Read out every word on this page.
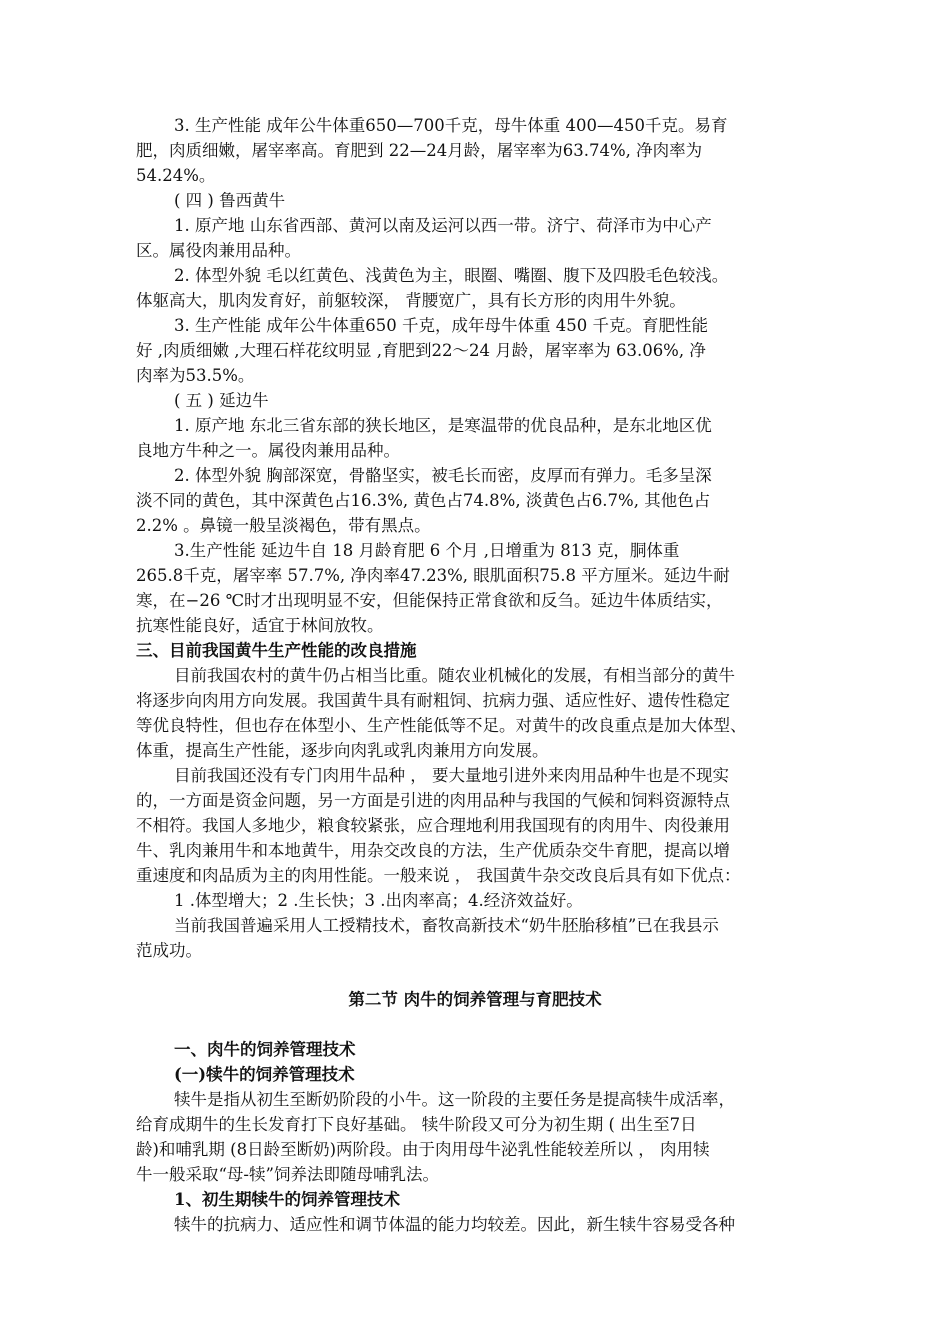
3. 生产性能 成年公牛体重650—700千克，母牛体重 400—450千克。易育
肥，肉质细嫩，屠宰率高。育肥到 22—24月龄，屠宰率为63.74%, 净肉率为
54.24%。
( 四 ) 鲁西黄牛
1. 原产地 山东省西部、黄河以南及运河以西一带。济宁、荷泽市为中心产
区。属役肉兼用品种。
2. 体型外貌 毛以红黄色、浅黄色为主，眼圈、嘴圈、腹下及四股毛色较浅。
体躯高大，肌肉发育好，前躯较深， 背腰宽广，具有长方形的肉用牛外貌。
3. 生产性能 成年公牛体重650 千克，成年母牛体重 450 千克。育肥性能
好 ,肉质细嫩 ,大理石样花纹明显 ,育肥到22～24 月龄，屠宰率为 63.06%, 净
肉率为53.5%。
( 五 ) 延边牛
1. 原产地 东北三省东部的狭长地区，是寒温带的优良品种，是东北地区优
良地方牛种之一。属役肉兼用品种。
2. 体型外貌 胸部深宽，骨骼坚实，被毛长而密，皮厚而有弹力。毛多呈深
淡不同的黄色，其中深黄色占16.3%, 黄色占74.8%, 淡黄色占6.7%, 其他色占
2.2% 。鼻镜一般呈淡褐色，带有黑点。
3.生产性能 延边牛自 18 月龄育肥 6 个月 ,日增重为 813 克，胴体重
265.8千克，屠宰率 57.7%, 净肉率47.23%, 眼肌面积75.8 平方厘米。延边牛耐
寒，在−26 ℃时才出现明显不安，但能保持正常食欲和反刍。延边牛体质结实，
抗寒性能良好，适宜于林间放牧。
三、目前我国黄牛生产性能的改良措施
目前我国农村的黄牛仍占相当比重。随农业机械化的发展，有相当部分的黄牛
将逐步向肉用方向发展。我国黄牛具有耐粗饲、抗病力强、适应性好、遗传性稳定
等优良特性，但也存在体型小、生产性能低等不足。对黄牛的改良重点是加大体型、
体重，提高生产性能，逐步向肉乳或乳肉兼用方向发展。
目前我国还没有专门肉用牛品种 ， 要大量地引进外来肉用品种牛也是不现实
的，一方面是资金问题，另一方面是引进的肉用品种与我国的气候和饲料资源特点
不相符。我国人多地少，粮食较紧张，应合理地利用我国现有的肉用牛、肉役兼用
牛、乳肉兼用牛和本地黄牛，用杂交改良的方法，生产优质杂交牛育肥，提高以增
重速度和肉品质为主的肉用性能。一般来说 ， 我国黄牛杂交改良后具有如下优点：
1 .体型增大；2 .生长快；3 .出肉率高；4.经济效益好。
当前我国普遍采用人工授精技术，畜牧高新技术“奶牛胚胎移植”已在我县示
范成功。
第二节 肉牛的饲养管理与育肥技术
一、肉牛的饲养管理技术
(一)犊牛的饲养管理技术
犊牛是指从初生至断奶阶段的小牛。这一阶段的主要任务是提高犊牛成活率，
给育成期牛的生长发育打下良好基础。 犊牛阶段又可分为初生期 ( 出生至7日
龄)和哺乳期 (8日龄至断奶)两阶段。由于肉用母牛泌乳性能较差所以 ， 肉用犊
牛一般采取“母-犊”饲养法即随母哺乳法。
1、初生期犊牛的饲养管理技术
犊牛的抗病力、适应性和调节体温的能力均较差。因此，新生犊牛容易受各种
